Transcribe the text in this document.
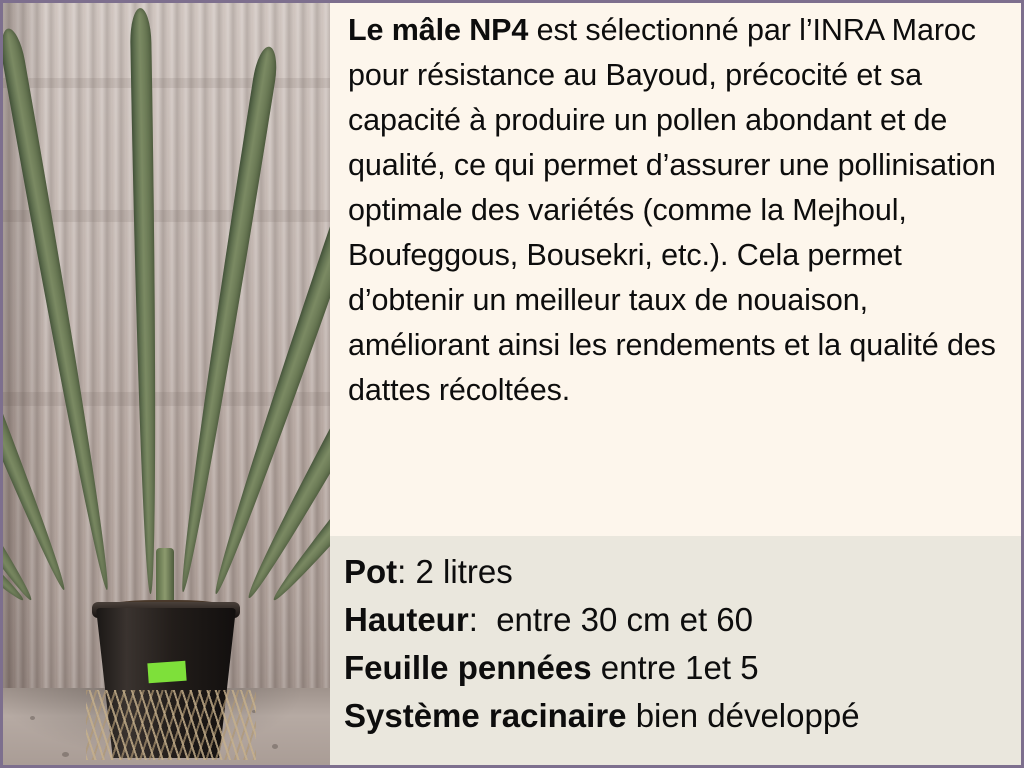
Le mâle NP4 est sélectionné par l’INRA Maroc pour résistance au Bayoud, précocité et sa capacité à produire un pollen abondant et de qualité, ce qui permet d’assurer une pollinisation optimale des variétés (comme la Mejhoul, Boufeggous, Bousekri, etc.). Cela permet d’obtenir un meilleur taux de nouaison, améliorant ainsi les rendements et la qualité des dattes récoltées.

Pot: 2 litres

Hauteur:  entre 30 cm et 60

Feuille pennées entre 1et 5

Système racinaire bien développé
